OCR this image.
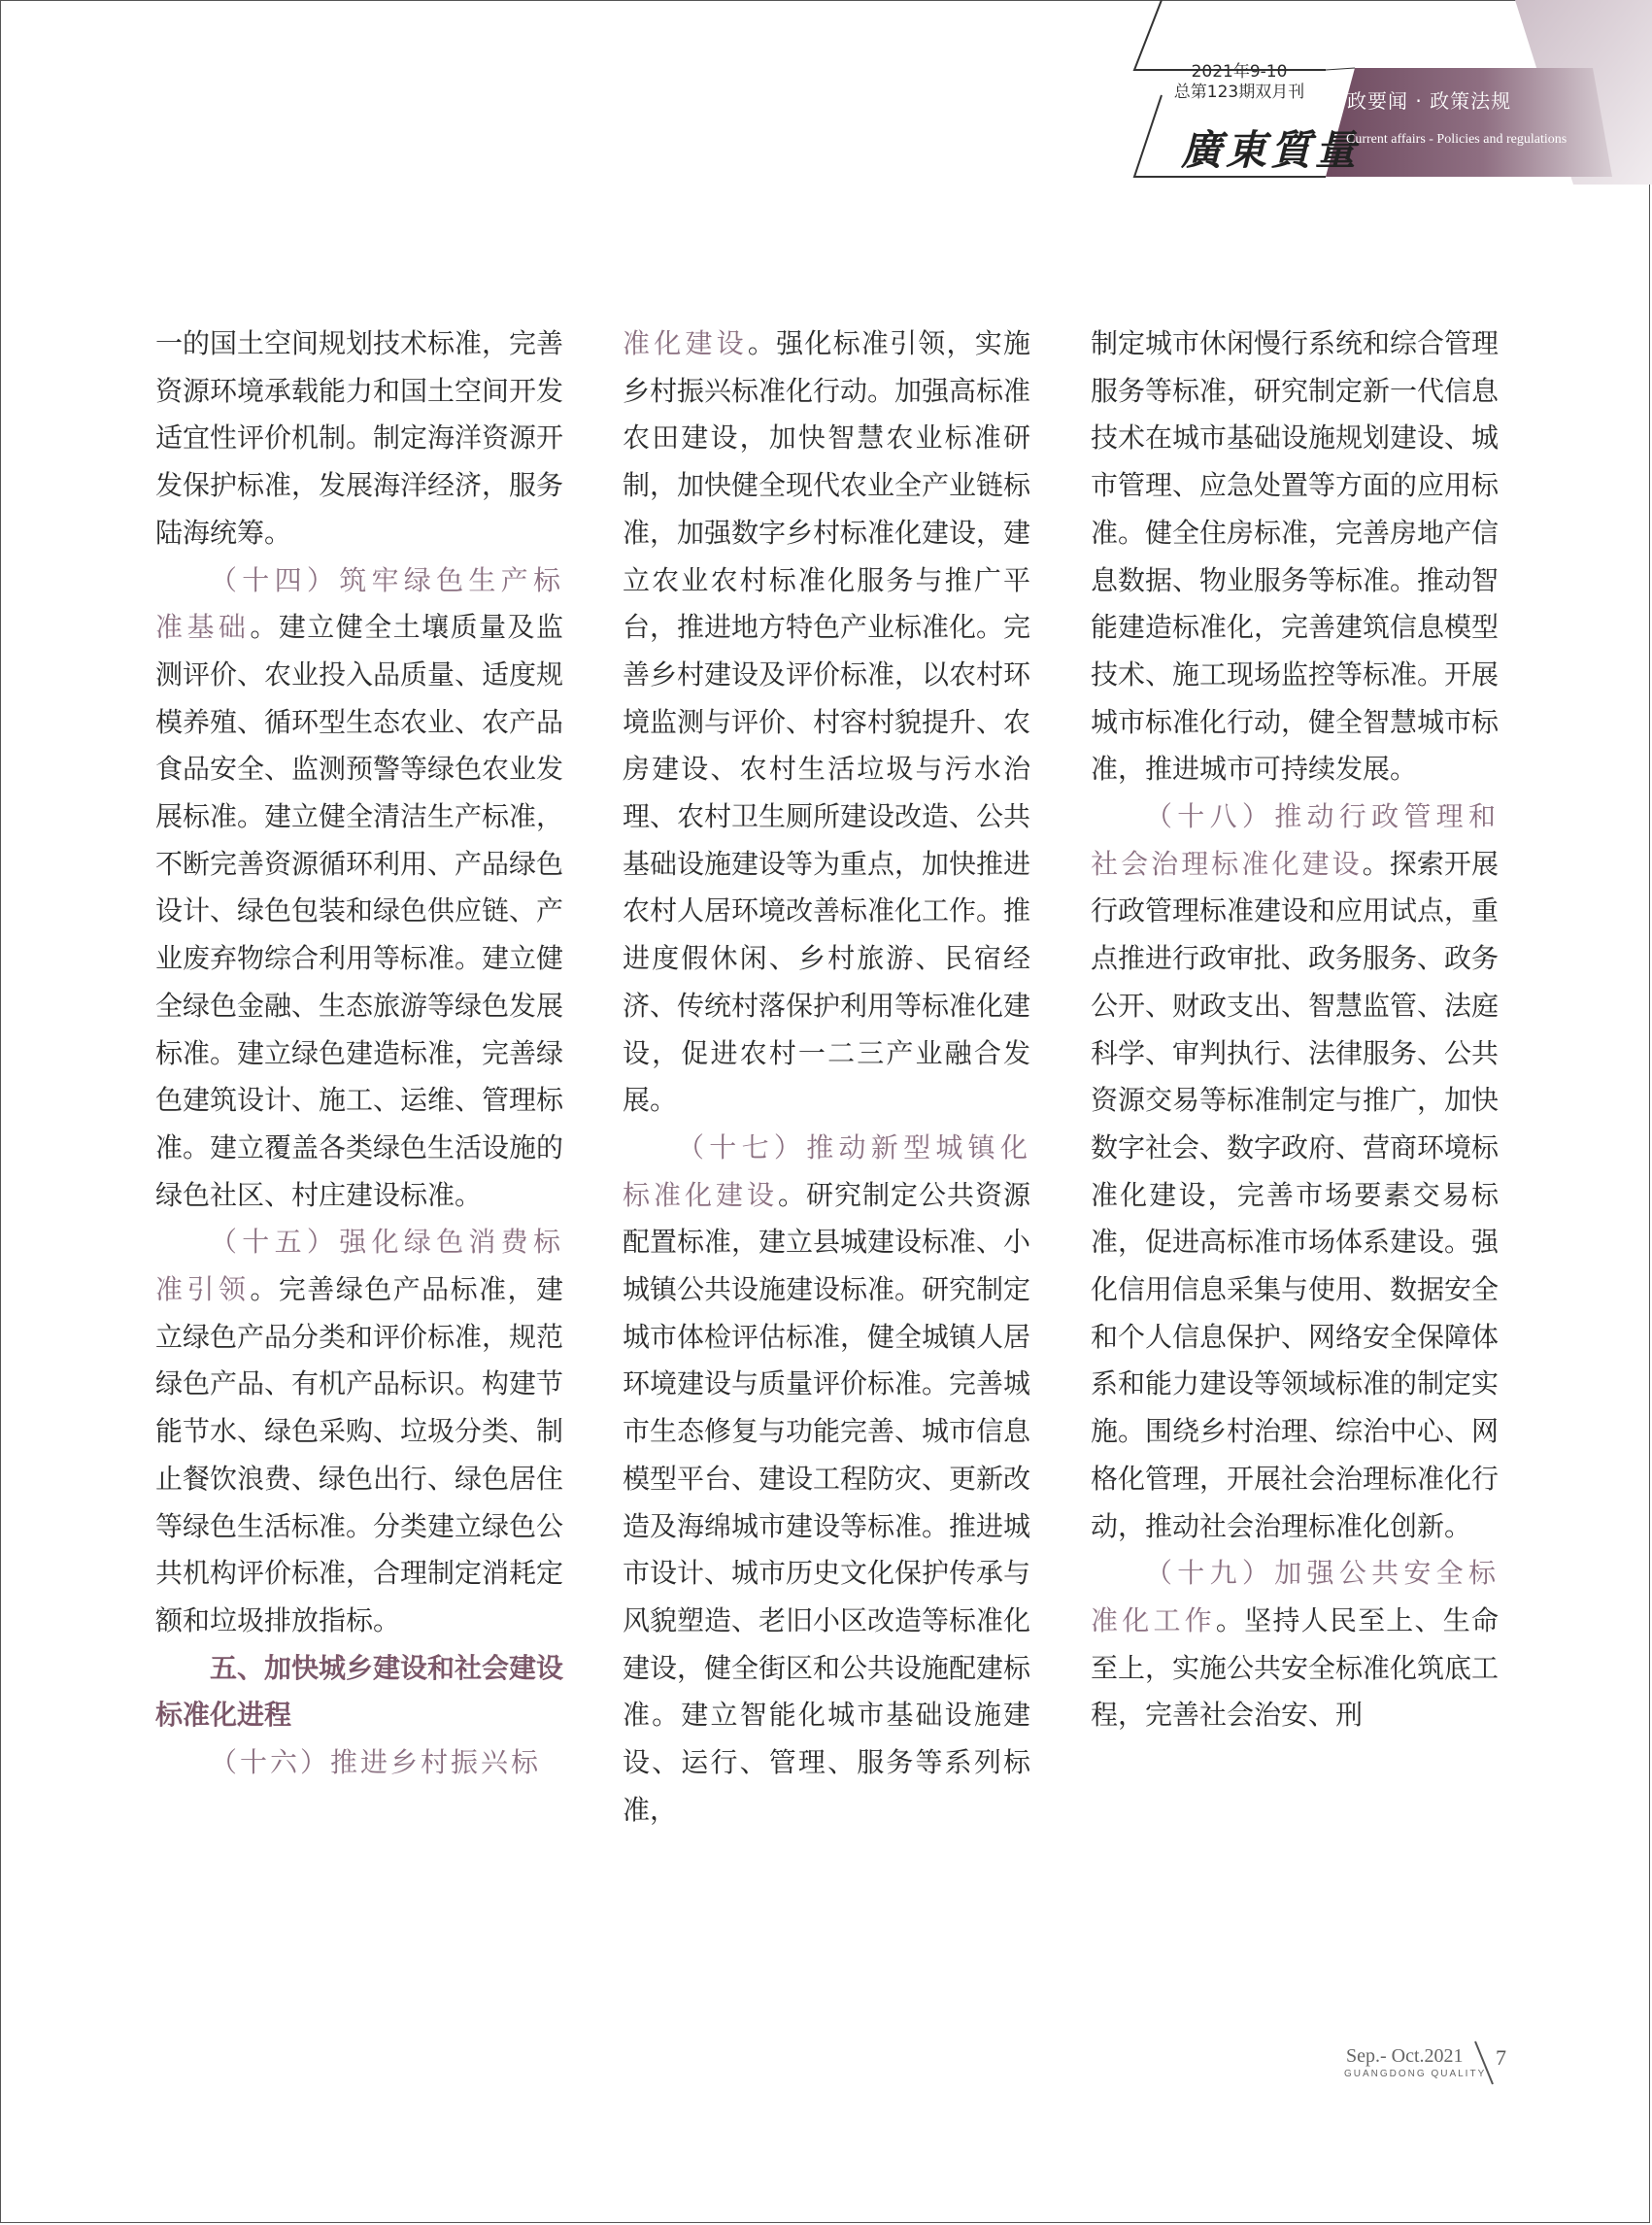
2021年9-10
总第123期双月刊
廣東質量
时政要闻 · 政策法规
Current affairs - Policies and regulations

一的国土空间规划技术标准，完善资源环境承载能力和国土空间开发适宜性评价机制。制定海洋资源开发保护标准，发展海洋经济，服务陆海统筹。

（十四）筑牢绿色生产标准基础。建立健全土壤质量及监测评价、农业投入品质量、适度规模养殖、循环型生态农业、农产品食品安全、监测预警等绿色农业发展标准。建立健全清洁生产标准，不断完善资源循环利用、产品绿色设计、绿色包装和绿色供应链、产业废弃物综合利用等标准。建立健全绿色金融、生态旅游等绿色发展标准。建立绿色建造标准，完善绿色建筑设计、施工、运维、管理标准。建立覆盖各类绿色生活设施的绿色社区、村庄建设标准。

（十五）强化绿色消费标准引领。完善绿色产品标准，建立绿色产品分类和评价标准，规范绿色产品、有机产品标识。构建节能节水、绿色采购、垃圾分类、制止餐饮浪费、绿色出行、绿色居住等绿色生活标准。分类建立绿色公共机构评价标准，合理制定消耗定额和垃圾排放指标。

五、加快城乡建设和社会建设标准化进程

（十六）推进乡村振兴标

准化建设。强化标准引领，实施乡村振兴标准化行动。加强高标准农田建设，加快智慧农业标准研制，加快健全现代农业全产业链标准，加强数字乡村标准化建设，建立农业农村标准化服务与推广平台，推进地方特色产业标准化。完善乡村建设及评价标准，以农村环境监测与评价、村容村貌提升、农房建设、农村生活垃圾与污水治理、农村卫生厕所建设改造、公共基础设施建设等为重点，加快推进农村人居环境改善标准化工作。推进度假休闲、乡村旅游、民宿经济、传统村落保护利用等标准化建设，促进农村一二三产业融合发展。

（十七）推动新型城镇化标准化建设。研究制定公共资源配置标准，建立县城建设标准、小城镇公共设施建设标准。研究制定城市体检评估标准，健全城镇人居环境建设与质量评价标准。完善城市生态修复与功能完善、城市信息模型平台、建设工程防灾、更新改造及海绵城市建设等标准。推进城市设计、城市历史文化保护传承与风貌塑造、老旧小区改造等标准化建设，健全街区和公共设施配建标准。建立智能化城市基础设施建设、运行、管理、服务等系列标准，

制定城市休闲慢行系统和综合管理服务等标准，研究制定新一代信息技术在城市基础设施规划建设、城市管理、应急处置等方面的应用标准。健全住房标准，完善房地产信息数据、物业服务等标准。推动智能建造标准化，完善建筑信息模型技术、施工现场监控等标准。开展城市标准化行动，健全智慧城市标准，推进城市可持续发展。

（十八）推动行政管理和社会治理标准化建设。探索开展行政管理标准建设和应用试点，重点推进行政审批、政务服务、政务公开、财政支出、智慧监管、法庭科学、审判执行、法律服务、公共资源交易等标准制定与推广，加快数字社会、数字政府、营商环境标准化建设，完善市场要素交易标准，促进高标准市场体系建设。强化信用信息采集与使用、数据安全和个人信息保护、网络安全保障体系和能力建设等领域标准的制定实施。围绕乡村治理、综治中心、网格化管理，开展社会治理标准化行动，推动社会治理标准化创新。

（十九）加强公共安全标准化工作。坚持人民至上、生命至上，实施公共安全标准化筑底工程，完善社会治安、刑

Sep.- Oct.2021
GUANGDONG QUALITY
7
